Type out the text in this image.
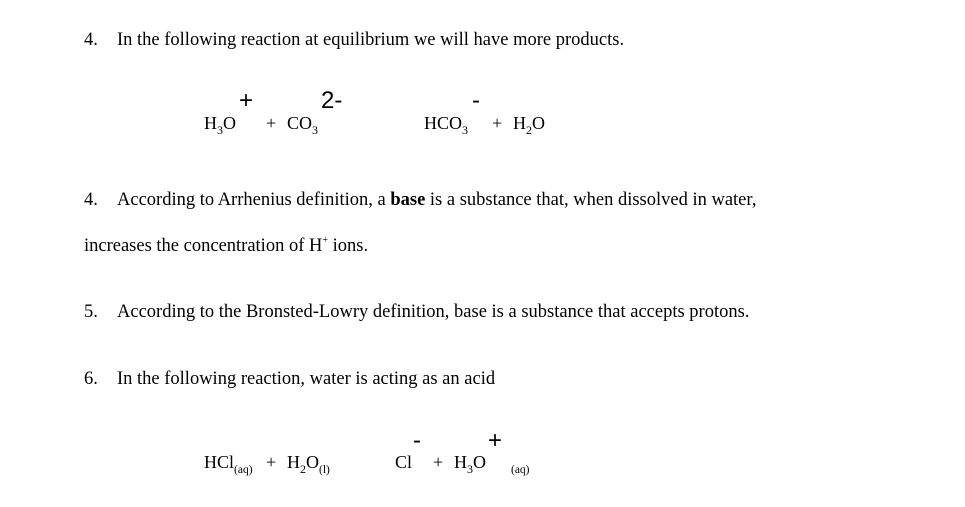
4. In the following reaction at equilibrium we will have more products.
+	2-	-
$H_3O + CO_3$	$HCO_3 + H_2O$
4. According to Arrhenius definition, a base is a substance that, when dissolved in water,
increases the concentration of H+ ions.
5. According to the Bronsted-Lowry definition, base is a substance that accepts protons.
6. In the following reaction, water is acting as an acid
-	+
$HCl_{(aq)} + H_2O_{(l)}$	$Cl + H_3O$ $_{(aq)}$
